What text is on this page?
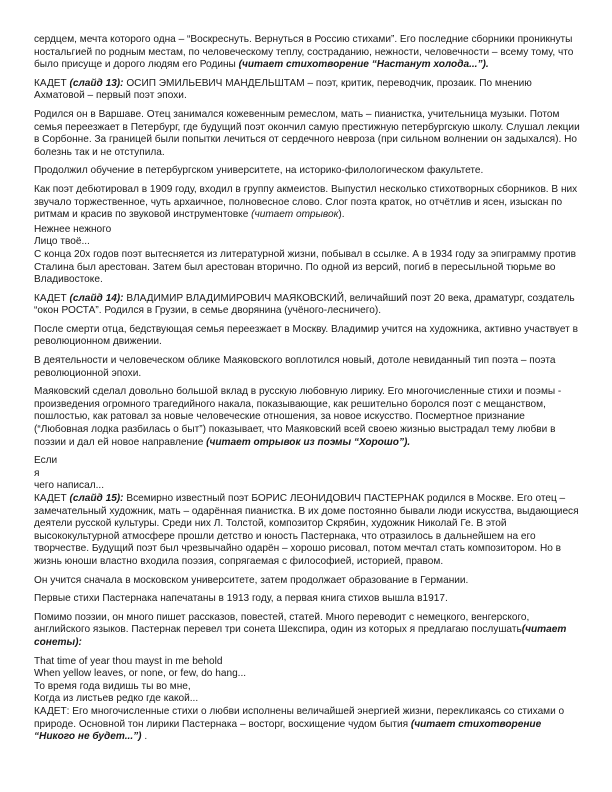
сердцем, мечта которого одна – “Воскреснуть. Вернуться в Россию стихами”. Его последние сборники проникнуты ностальгией по родным местам, по человеческому теплу, состраданию, нежности, человечности – всему тому, что было присуще и дорого людям его Родины (читает стихотворение “Настанут холода...”).

КАДЕТ (слайд 13): ОСИП ЭМИЛЬЕВИЧ МАНДЕЛЬШТАМ – поэт, критик, переводчик, прозаик. По мнению Ахматовой – первый поэт эпохи.

Родился он в Варшаве. Отец занимался кожевенным ремеслом, мать – пианистка, учительница музыки. Потом семья переезжает в Петербург, где будущий поэт окончил самую престижную петербургскую школу. Слушал лекции в Сорбонне. За границей были попытки лечиться от сердечного невроза (при сильном волнении он задыхался). Но болезнь так и не отступила.

Продолжил обучение в петербургском университете, на историко-филологическом факультете.

Как поэт дебютировал в 1909 году, входил в группу акмеистов. Выпустил несколько стихотворных сборников. В них звучало торжественное, чуть архаичное, полновесное слово. Слог поэта краток, но отчётлив и ясен, изыскан по ритмам и красив по звуковой инструментовке (читает отрывок).

Нежнее нежного
Лицо твоё...

С конца 20х годов поэт вытесняется из литературной жизни, побывал в ссылке. А в 1934 году за эпиграмму против Сталина был арестован. Затем был арестован вторично. По одной из версий, погиб в пересыльной тюрьме во Владивостоке.

КАДЕТ (слайд 14): ВЛАДИМИР ВЛАДИМИРОВИЧ МАЯКОВСКИЙ, величайший поэт 20 века, драматург, создатель “окон РОСТА”. Родился в Грузии, в семье дворянина (учёного-лесничего).

После смерти отца, бедствующая семья переезжает в Москву. Владимир учится на художника, активно участвует в революционном движении.

В деятельности и человеческом облике Маяковского воплотился новый, дотоле невиданный тип поэта – поэта революционной эпохи.

Маяковский сделал довольно большой вклад в русскую любовную лирику. Его многочисленные стихи и поэмы - произведения огромного трагедийного накала, показывающие, как решительно боролся поэт с мещанством, пошлостью, как ратовал за новые человеческие отношения, за новое искусство. Посмертное признание (“Любовная лодка разбилась о быт”) показывает, что Маяковский всей своею жизнью выстрадал тему любви в поэзии и дал ей новое направление (читает отрывок из поэмы “Хорошо”).

Если
я
чего написал...

КАДЕТ (слайд 15): Всемирно известный поэт БОРИС ЛЕОНИДОВИЧ ПАСТЕРНАК родился в Москве. Его отец – замечательный художник, мать – одарённая пианистка. В их доме постоянно бывали люди искусства, выдающиеся деятели русской культуры. Среди них Л. Толстой, композитор Скрябин, художник Николай Ге. В этой высококультурной атмосфере прошли детство и юность Пастернака, что отразилось в дальнейшем на его творчестве. Будущий поэт был чрезвычайно одарён – хорошо рисовал, потом мечтал стать композитором. Но в жизнь юноши властно входила поэзия, сопрягаемая с философией, историей, правом.

Он учится сначала в московском университете, затем продолжает образование в Германии.

Первые стихи Пастернака напечатаны в 1913 году, а первая книга стихов вышла в1917.

Помимо поэзии, он много пишет рассказов, повестей, статей. Много переводит с немецкого, венгерского, английского языков. Пастернак перевел три сонета Шекспира, один из которых я предлагаю послушать(читает сонеты):

That time of year thou mayst in me behold
When yellow leaves, or none, or few, do hang...
То время года видишь ты во мне,
Когда из листьев редко где какой...

КАДЕТ: Его многочисленные стихи о любви исполнены величайшей энергией жизни, перекликаясь со стихами о природе. Основной тон лирики Пастернака – восторг, восхищение чудом бытия (читает стихотворение “Никого не будет...”) .
